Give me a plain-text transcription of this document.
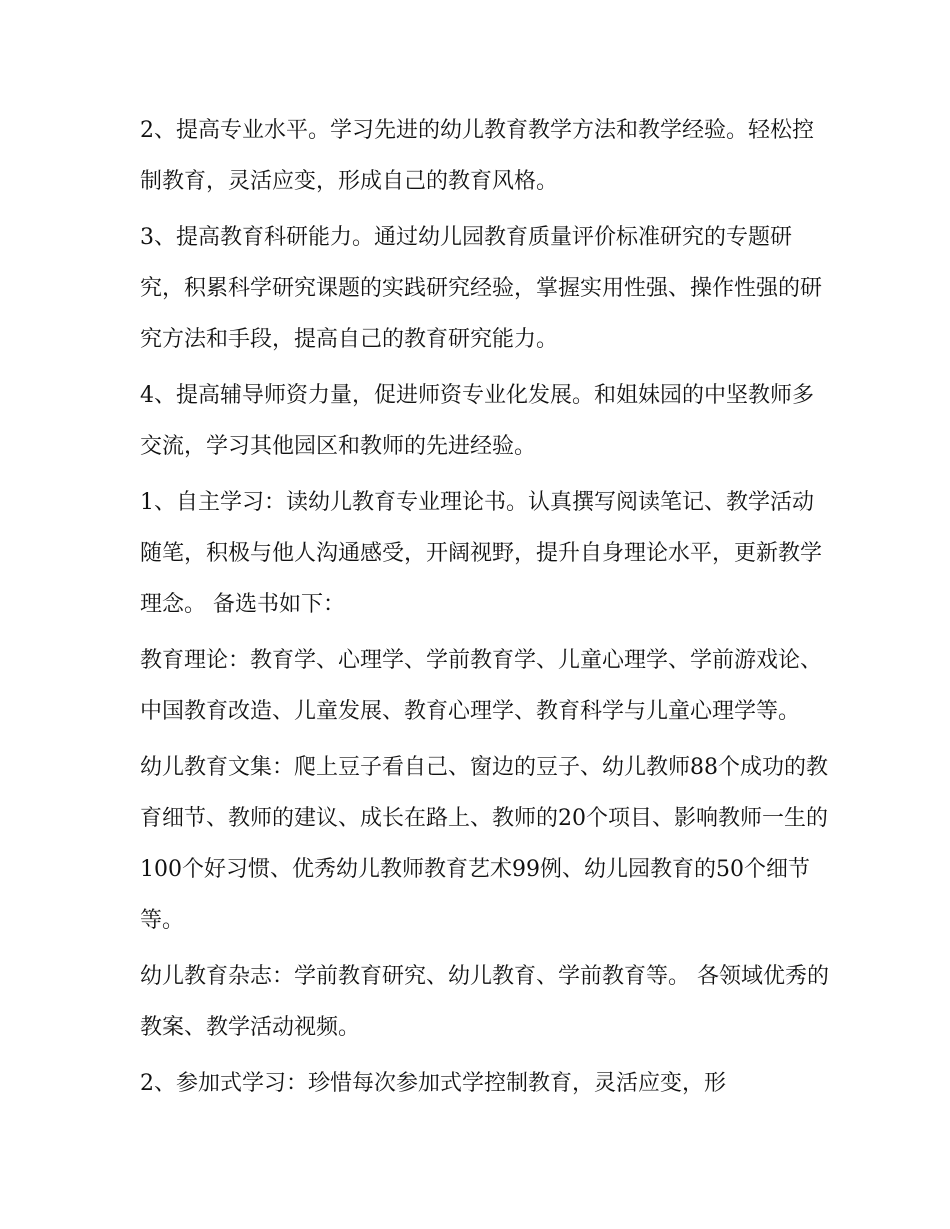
2、提高专业水平。学习先进的幼儿教育教学方法和教学经验。轻松控制教育，灵活应变，形成自己的教育风格。

3、提高教育科研能力。通过幼儿园教育质量评价标准研究的专题研究，积累科学研究课题的实践研究经验，掌握实用性强、操作性强的研究方法和手段，提高自己的教育研究能力。

4、提高辅导师资力量，促进师资专业化发展。和姐妹园的中坚教师多交流，学习其他园区和教师的先进经验。

1、自主学习：读幼儿教育专业理论书。认真撰写阅读笔记、教学活动随笔，积极与他人沟通感受，开阔视野，提升自身理论水平，更新教学理念。 备选书如下：

教育理论：教育学、心理学、学前教育学、儿童心理学、学前游戏论、中国教育改造、儿童发展、教育心理学、教育科学与儿童心理学等。

幼儿教育文集：爬上豆子看自己、窗边的豆子、幼儿教师88个成功的教育细节、教师的建议、成长在路上、教师的20个项目、影响教师一生的100个好习惯、优秀幼儿教师教育艺术99例、幼儿园教育的50个细节等。

幼儿教育杂志：学前教育研究、幼儿教育、学前教育等。 各领域优秀的教案、教学活动视频。

2、参加式学习：珍惜每次参加式学控制教育，灵活应变，形
